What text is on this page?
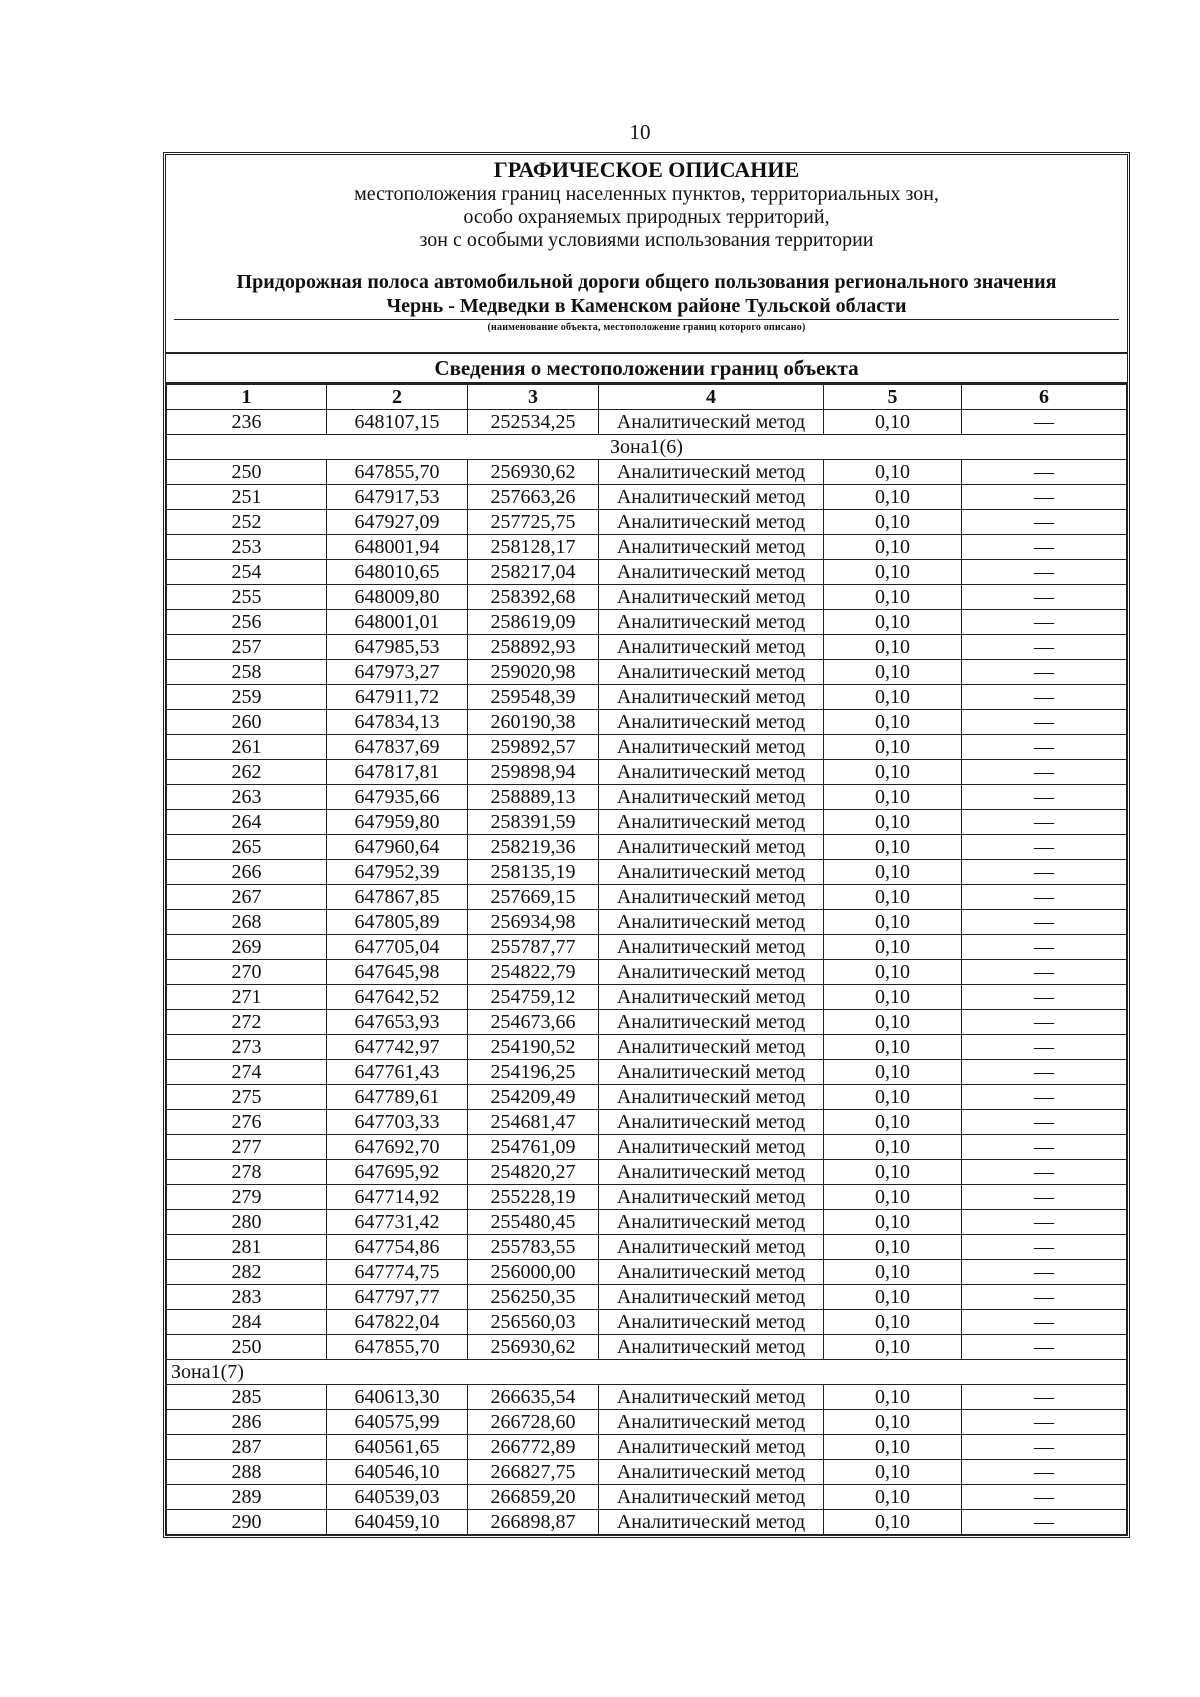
10
ГРАФИЧЕСКОЕ ОПИСАНИЕ
местоположения границ населенных пунктов, территориальных зон,
особо охраняемых природных территорий,
зон с особыми условиями использования территории
Придорожная полоса автомобильной дороги общего пользования регионального значения
Чернь - Медведки в Каменском районе Тульской области
(наименование объекта, местоположение границ которого описано)
Сведения о местоположении границ объекта
1	2	3	4	5	6
236	648107,15	252534,25	Аналитический метод	0,10	—
Зона1(6)					
250	647855,70	256930,62	Аналитический метод	0,10	—
251	647917,53	257663,26	Аналитический метод	0,10	—
252	647927,09	257725,75	Аналитический метод	0,10	—
253	648001,94	258128,17	Аналитический метод	0,10	—
254	648010,65	258217,04	Аналитический метод	0,10	—
255	648009,80	258392,68	Аналитический метод	0,10	—
256	648001,01	258619,09	Аналитический метод	0,10	—
257	647985,53	258892,93	Аналитический метод	0,10	—
258	647973,27	259020,98	Аналитический метод	0,10	—
259	647911,72	259548,39	Аналитический метод	0,10	—
260	647834,13	260190,38	Аналитический метод	0,10	—
261	647837,69	259892,57	Аналитический метод	0,10	—
262	647817,81	259898,94	Аналитический метод	0,10	—
263	647935,66	258889,13	Аналитический метод	0,10	—
264	647959,80	258391,59	Аналитический метод	0,10	—
265	647960,64	258219,36	Аналитический метод	0,10	—
266	647952,39	258135,19	Аналитический метод	0,10	—
267	647867,85	257669,15	Аналитический метод	0,10	—
268	647805,89	256934,98	Аналитический метод	0,10	—
269	647705,04	255787,77	Аналитический метод	0,10	—
270	647645,98	254822,79	Аналитический метод	0,10	—
271	647642,52	254759,12	Аналитический метод	0,10	—
272	647653,93	254673,66	Аналитический метод	0,10	—
273	647742,97	254190,52	Аналитический метод	0,10	—
274	647761,43	254196,25	Аналитический метод	0,10	—
275	647789,61	254209,49	Аналитический метод	0,10	—
276	647703,33	254681,47	Аналитический метод	0,10	—
277	647692,70	254761,09	Аналитический метод	0,10	—
278	647695,92	254820,27	Аналитический метод	0,10	—
279	647714,92	255228,19	Аналитический метод	0,10	—
280	647731,42	255480,45	Аналитический метод	0,10	—
281	647754,86	255783,55	Аналитический метод	0,10	—
282	647774,75	256000,00	Аналитический метод	0,10	—
283	647797,77	256250,35	Аналитический метод	0,10	—
284	647822,04	256560,03	Аналитический метод	0,10	—
250	647855,70	256930,62	Аналитический метод	0,10	—
Зона1(7)					
285	640613,30	266635,54	Аналитический метод	0,10	—
286	640575,99	266728,60	Аналитический метод	0,10	—
287	640561,65	266772,89	Аналитический метод	0,10	—
288	640546,10	266827,75	Аналитический метод	0,10	—
289	640539,03	266859,20	Аналитический метод	0,10	—
290	640459,10	266898,87	Аналитический метод	0,10	—
